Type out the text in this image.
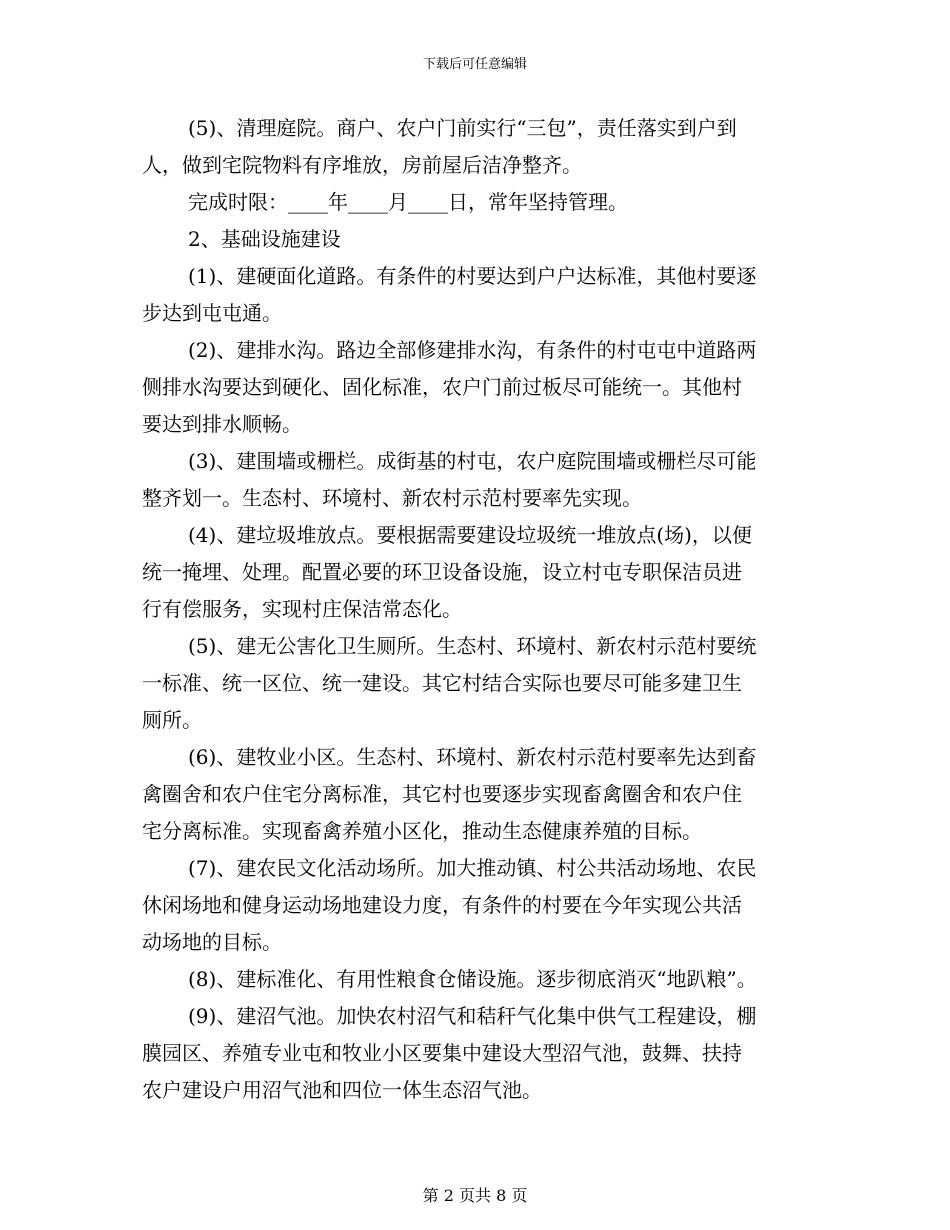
下载后可任意编辑
(5)、清理庭院。商户、农户门前实行“三包”，责任落实到户到
人，做到宅院物料有序堆放，房前屋后洁净整齐。
完成时限：____年____月____日，常年坚持管理。
2、基础设施建设
(1)、建硬面化道路。有条件的村要达到户户达标准，其他村要逐
步达到屯屯通。
(2)、建排水沟。路边全部修建排水沟，有条件的村屯屯中道路两
侧排水沟要达到硬化、固化标准，农户门前过板尽可能统一。其他村
要达到排水顺畅。
(3)、建围墙或栅栏。成街基的村屯，农户庭院围墙或栅栏尽可能
整齐划一。生态村、环境村、新农村示范村要率先实现。
(4)、建垃圾堆放点。要根据需要建设垃圾统一堆放点(场)，以便
统一掩埋、处理。配置必要的环卫设备设施，设立村屯专职保洁员进
行有偿服务，实现村庄保洁常态化。
(5)、建无公害化卫生厕所。生态村、环境村、新农村示范村要统
一标准、统一区位、统一建设。其它村结合实际也要尽可能多建卫生
厕所。
(6)、建牧业小区。生态村、环境村、新农村示范村要率先达到畜
禽圈舍和农户住宅分离标准，其它村也要逐步实现畜禽圈舍和农户住
宅分离标准。实现畜禽养殖小区化，推动生态健康养殖的目标。
(7)、建农民文化活动场所。加大推动镇、村公共活动场地、农民
休闲场地和健身运动场地建设力度，有条件的村要在今年实现公共活
动场地的目标。
(8)、建标准化、有用性粮食仓储设施。逐步彻底消灭“地趴粮”。
(9)、建沼气池。加快农村沼气和秸秆气化集中供气工程建设，棚
膜园区、养殖专业屯和牧业小区要集中建设大型沼气池，鼓舞、扶持
农户建设户用沼气池和四位一体生态沼气池。
第 2 页共 8 页
